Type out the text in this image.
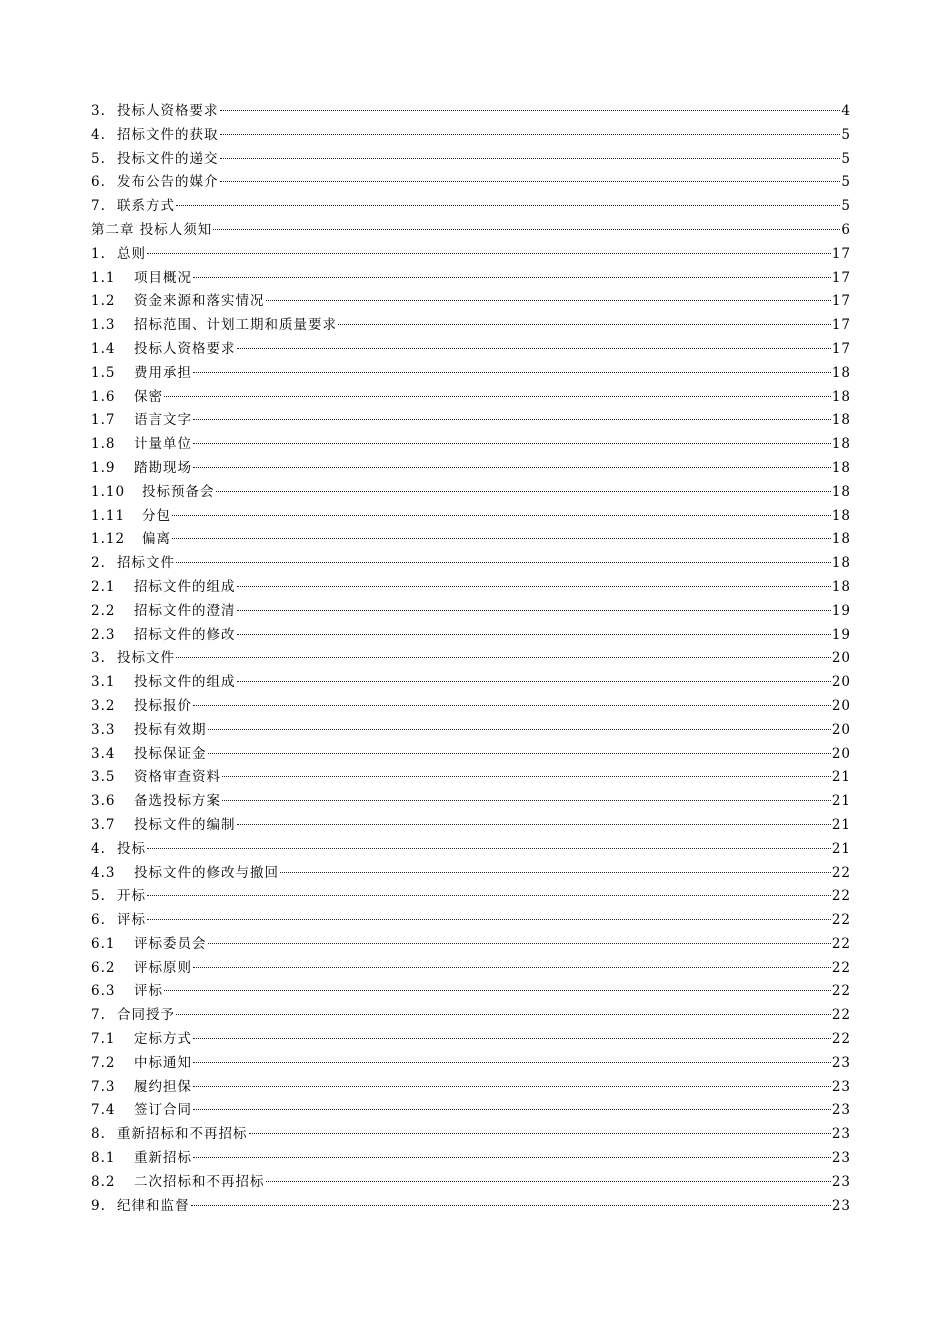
3. 投标人资格要求	4
4. 招标文件的获取	5
5. 投标文件的递交	5
6. 发布公告的媒介	5
7. 联系方式	5
第二章 投标人须知	6
1. 总则	17
1.1	项目概况	17
1.2	资金来源和落实情况	17
1.3	招标范围、计划工期和质量要求	17
1.4	投标人资格要求	17
1.5	费用承担	18
1.6	保密	18
1.7	语言文字	18
1.8	计量单位	18
1.9	踏勘现场	18
1.10	投标预备会	18
1.11	分包	18
1.12	偏离	18
2. 招标文件	18
2.1	招标文件的组成	18
2.2	招标文件的澄清	19
2.3	招标文件的修改	19
3. 投标文件	20
3.1	投标文件的组成	20
3.2	投标报价	20
3.3	投标有效期	20
3.4	投标保证金	20
3.5	资格审查资料	21
3.6	备选投标方案	21
3.7	投标文件的编制	21
4. 投标	21
4.3	投标文件的修改与撤回	22
5. 开标	22
6. 评标	22
6.1	评标委员会	22
6.2	评标原则	22
6.3	评标	22
7. 合同授予	22
7.1	定标方式	22
7.2	中标通知	23
7.3	履约担保	23
7.4	签订合同	23
8. 重新招标和不再招标	23
8.1	重新招标	23
8.2	二次招标和不再招标	23
9. 纪律和监督	23
